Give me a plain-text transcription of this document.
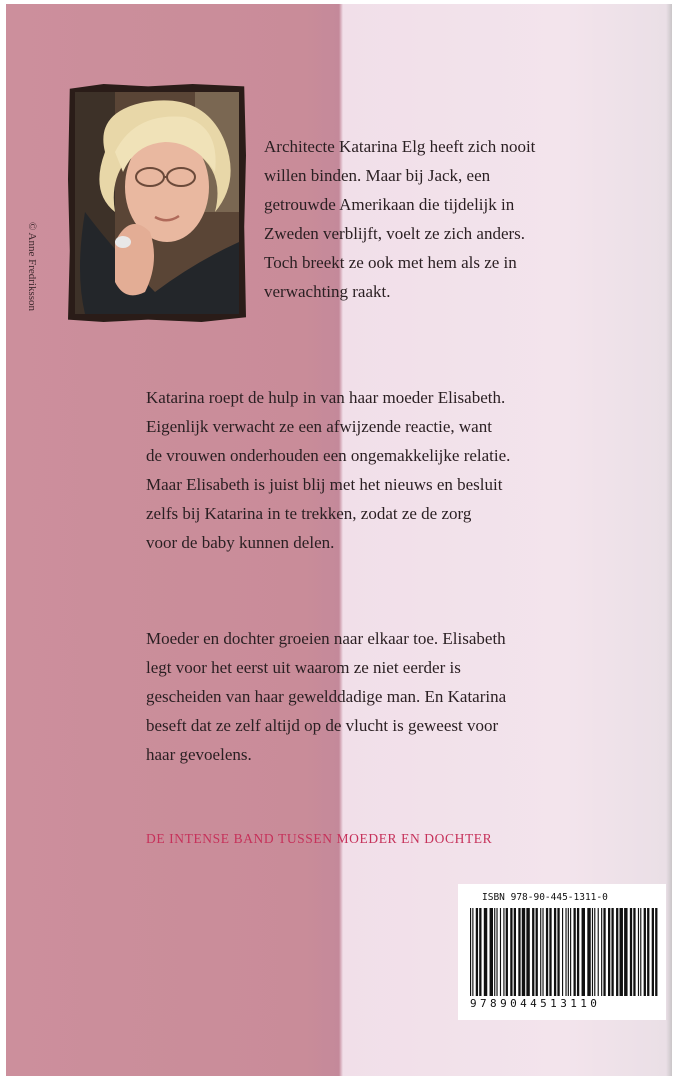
© Anne Fredriksson

Architecte Katarina Elg heeft zich nooit

willen binden. Maar bij Jack, een

getrouwde Amerikaan die tijdelijk in

Zweden verblijft, voelt ze zich anders.

Toch breekt ze ook met hem als ze in

verwachting raakt.

Katarina roept de hulp in van haar moeder Elisabeth.

Eigenlijk verwacht ze een afwijzende reactie, want

de vrouwen onderhouden een ongemakkelijke relatie.

Maar Elisabeth is juist blij met het nieuws en besluit

zelfs bij Katarina in te trekken, zodat ze de zorg

voor de baby kunnen delen.

Moeder en dochter groeien naar elkaar toe. Elisabeth

legt voor het eerst uit waarom ze niet eerder is

gescheiden van haar gewelddadige man. En Katarina

beseft dat ze zelf altijd op de vlucht is geweest voor

haar gevoelens.

DE INTENSE BAND TUSSEN MOEDER EN DOCHTER
ISBN 978-90-445-1311-0
9789044513110
